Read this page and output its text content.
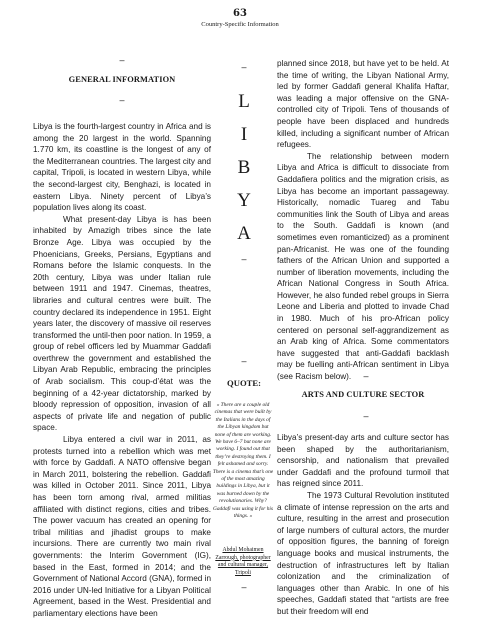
63
Country-Specific Information
–
GENERAL INFORMATION
–

Libya is the fourth-largest country in Africa and is among the 20 largest in the world. Spanning 1.770 km, its coastline is the longest of any of the Mediterranean countries. The largest city and capital, Tripoli, is located in western Libya, while the second-largest city, Benghazi, is located in eastern Libya. Ninety percent of Libya’s population lives along its coast.

What present-day Libya is has been inhabited by Amazigh tribes since the late Bronze Age. Libya was occupied by the Phoenicians, Greeks, Persians, Egyptians and Romans before the Islamic conquests. In the 20th century, Libya was under Italian rule between 1911 and 1947. Cinemas, theatres, libraries and cultural centres were built. The country declared its independence in 1951. Eight years later, the discovery of massive oil reserves transformed the until-then poor nation. In 1959, a group of rebel officers led by Muammar Gaddafi overthrew the government and established the Libyan Arab Republic, embracing the principles of Arab socialism. This coup-d’état was the beginning of a 42-year dictatorship, marked by bloody repression of opposition, invasion of all aspects of private life and negation of public space.

Libya entered a civil war in 2011, as protests turned into a rebellion which was met with force by Gaddafi. A NATO offensive began in March 2011, bolstering the rebellion. Gaddafi was killed in October 2011. Since 2011, Libya has been torn among rival, armed militias affiliated with distinct regions, cities and tribes. The power vacuum has created an opening for tribal militias and jihadist groups to make incursions. There are currently two main rival governments: the Interim Government (IG), based in the East, formed in 2014; and the Government of National Accord (GNA), formed in 2016 under UN-led Initiative for a Libyan Political Agreement, based in the West. Presidential and parliamentary elections have been

–
L
I
B
Y
A
–
–
QUOTE:
« There are a couple old cinemas that were built by the Italians in the days of the Libyan kingdom but none of them are working. We have 6–7 but none are working. I found out that they’re destroying them. I felt ashamed and sorry. There is a cinema that’s one of the most amazing buildings in Libya, but it was burned down by the revolutionaries. Why? Gaddafi was using it for his things. »
Abdul Mohaimen Zarrough, photographer and cultural manager, Tripoli
–

planned since 2018, but have yet to be held. At the time of writing, the Libyan National Army, led by former Gaddafi general Khalifa Haftar, was leading a major offensive on the GNA-controlled city of Tripoli. Tens of thousands of people have been displaced and hundreds killed, including a significant number of African refugees.

The relationship between modern Libya and Africa is difficult to dissociate from Gaddafiera politics and the migration crisis, as Libya has become an important passageway. Historically, nomadic Tuareg and Tabu communities link the South of Libya and areas to the South. Gaddafi is known (and sometimes even romanticized) as a prominent pan-Africanist. He was one of the founding fathers of the African Union and supported a number of liberation movements, including the African National Congress in South Africa. However, he also funded rebel groups in Sierra Leone and Liberia and plotted to invade Chad in 1980. Much of his pro-African policy centered on personal self-aggrandizement as an Arab king of Africa. Some commentators have suggested that anti-Gaddafi backlash may be fuelling anti-African sentiment in Libya (see Racism below).	–
ARTS AND CULTURE SECTOR
–

Libya’s present-day arts and culture sector has been shaped by the authoritarianism, censorship, and nationalism that prevailed under Gaddafi and the profound turmoil that has reigned since 2011.

The 1973 Cultural Revolution instituted a climate of intense repression on the arts and culture, resulting in the arrest and prosecution of large numbers of cultural actors, the murder of opposition figures, the banning of foreign language books and musical instruments, the destruction of infrastructures left by Italian colonization and the criminalization of languages other than Arabic. In one of his speeches, Gaddafi stated that “artists are free but their freedom will end
